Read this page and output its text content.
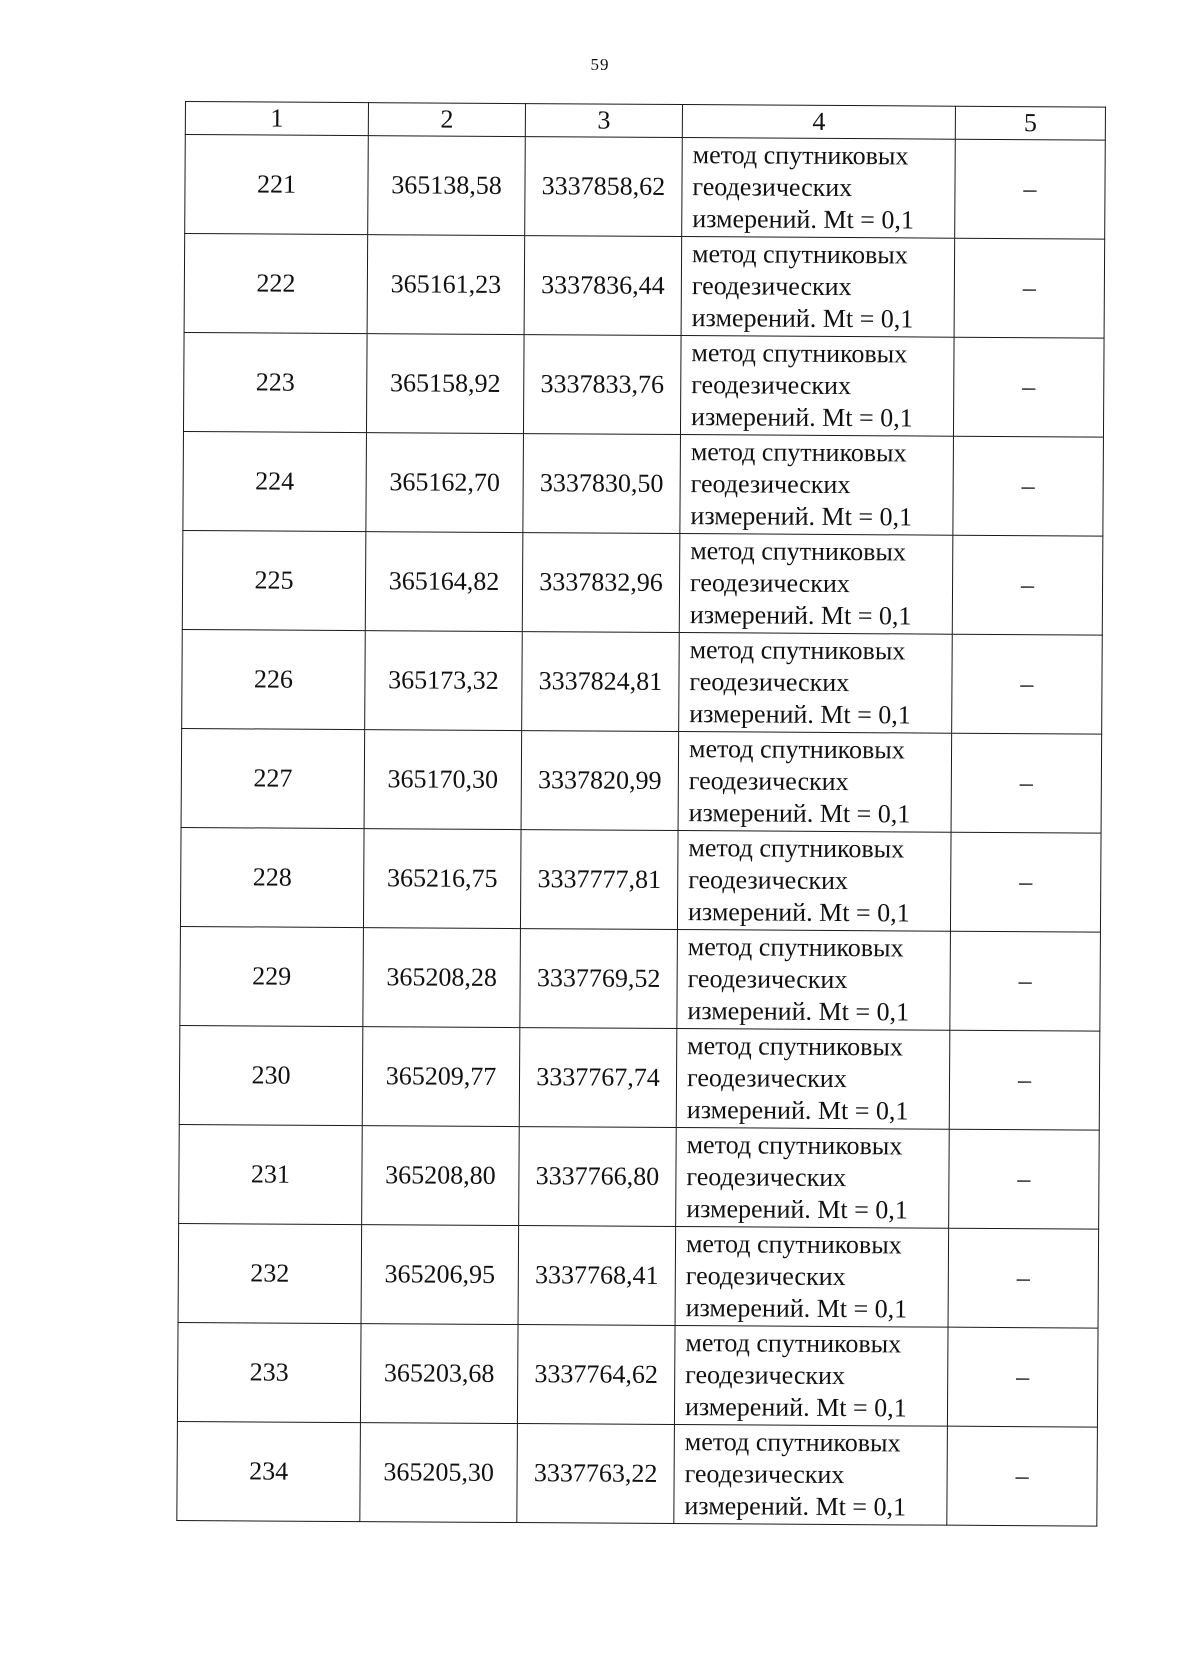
59
1	2	3	4	5
221	365138,58	3337858,62	метод спутниковых
геодезических
измерений. Mt = 0,1	–
222	365161,23	3337836,44	метод спутниковых
геодезических
измерений. Mt = 0,1	–
223	365158,92	3337833,76	метод спутниковых
геодезических
измерений. Mt = 0,1	–
224	365162,70	3337830,50	метод спутниковых
геодезических
измерений. Mt = 0,1	–
225	365164,82	3337832,96	метод спутниковых
геодезических
измерений. Mt = 0,1	–
226	365173,32	3337824,81	метод спутниковых
геодезических
измерений. Mt = 0,1	–
227	365170,30	3337820,99	метод спутниковых
геодезических
измерений. Mt = 0,1	–
228	365216,75	3337777,81	метод спутниковых
геодезических
измерений. Mt = 0,1	–
229	365208,28	3337769,52	метод спутниковых
геодезических
измерений. Mt = 0,1	–
230	365209,77	3337767,74	метод спутниковых
геодезических
измерений. Mt = 0,1	–
231	365208,80	3337766,80	метод спутниковых
геодезических
измерений. Mt = 0,1	–
232	365206,95	3337768,41	метод спутниковых
геодезических
измерений. Mt = 0,1	–
233	365203,68	3337764,62	метод спутниковых
геодезических
измерений. Mt = 0,1	–
234	365205,30	3337763,22	метод спутниковых
геодезических
измерений. Mt = 0,1	–
